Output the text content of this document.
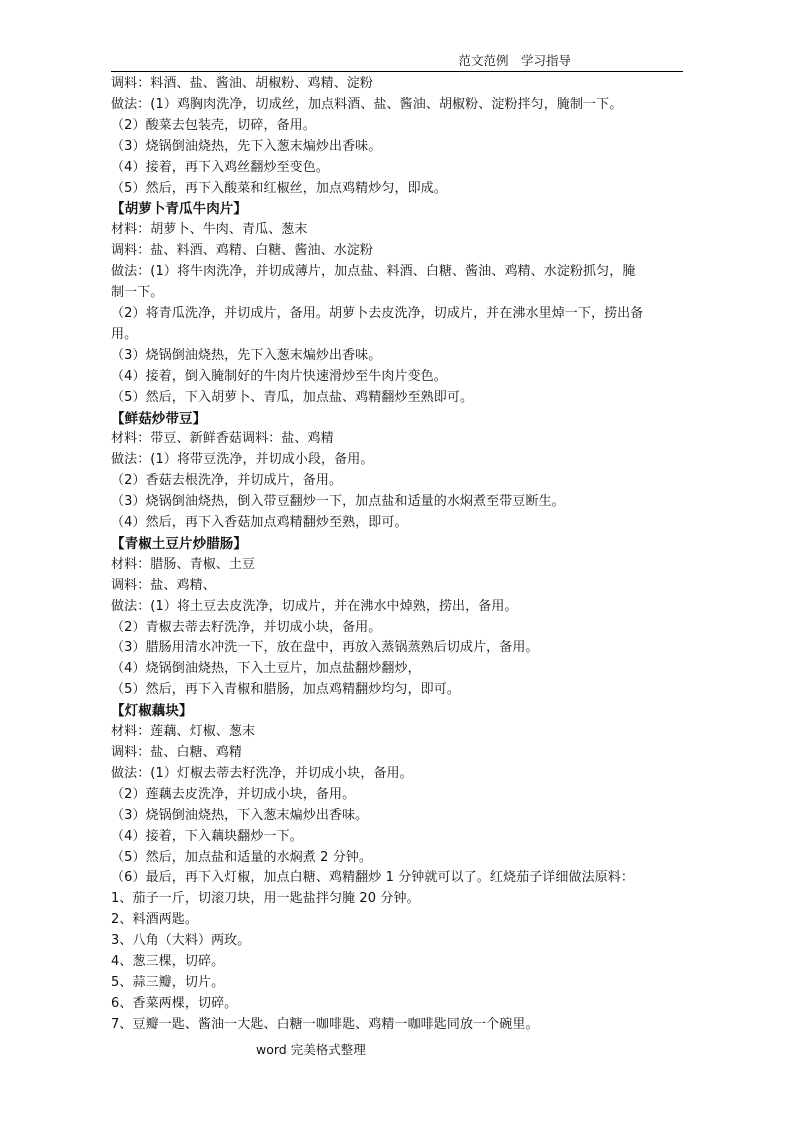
范文范例　学习指导
调料：料酒、盐、酱油、胡椒粉、鸡精、淀粉
做法：(1）鸡胸肉洗净，切成丝，加点料酒、盐、酱油、胡椒粉、淀粉拌匀，腌制一下。
（2）酸菜去包装壳，切碎，备用。
（3）烧锅倒油烧热，先下入葱末煸炒出香味。
（4）接着，再下入鸡丝翻炒至变色。
（5）然后，再下入酸菜和红椒丝，加点鸡精炒匀，即成。
【胡萝卜青瓜牛肉片】
材料：胡萝卜、牛肉、青瓜、葱末
调料：盐、料酒、鸡精、白糖、酱油、水淀粉
做法：(1）将牛肉洗净，并切成薄片，加点盐、料酒、白糖、酱油、鸡精、水淀粉抓匀，腌
制一下。
（2）将青瓜洗净，并切成片，备用。胡萝卜去皮洗净，切成片，并在沸水里焯一下，捞出备
用。
（3）烧锅倒油烧热，先下入葱末煸炒出香味。
（4）接着，倒入腌制好的牛肉片快速滑炒至牛肉片变色。
（5）然后，下入胡萝卜、青瓜，加点盐、鸡精翻炒至熟即可。
【鲜菇炒带豆】
材料：带豆、新鲜香菇调料：盐、鸡精
做法：(1）将带豆洗净，并切成小段，备用。
（2）香菇去根洗净，并切成片，备用。
（3）烧锅倒油烧热，倒入带豆翻炒一下，加点盐和适量的水焖煮至带豆断生。
（4）然后，再下入香菇加点鸡精翻炒至熟，即可。
【青椒土豆片炒腊肠】
材料：腊肠、青椒、土豆
调料：盐、鸡精、
做法：(1）将土豆去皮洗净，切成片，并在沸水中焯熟，捞出，备用。
（2）青椒去蒂去籽洗净，并切成小块，备用。
（3）腊肠用清水冲洗一下，放在盘中，再放入蒸锅蒸熟后切成片，备用。
（4）烧锅倒油烧热，下入土豆片，加点盐翻炒翻炒，
（5）然后，再下入青椒和腊肠，加点鸡精翻炒均匀，即可。
【灯椒藕块】
材料：莲藕、灯椒、葱末
调料：盐、白糖、鸡精
做法：(1）灯椒去蒂去籽洗净，并切成小块，备用。
（2）莲藕去皮洗净，并切成小块，备用。
（3）烧锅倒油烧热，下入葱末煸炒出香味。
（4）接着，下入藕块翻炒一下。
（5）然后，加点盐和适量的水焖煮 2 分钟。
（6）最后，再下入灯椒，加点白糖、鸡精翻炒 1 分钟就可以了。红烧茄子详细做法原料：
1、茄子一斤，切滚刀块，用一匙盐拌匀腌 20 分钟。
2、料酒两匙。
3、八角（大料）两玫。
4、葱三棵，切碎。
5、蒜三瓣，切片。
6、香菜两棵，切碎。
7、豆瓣一匙、酱油一大匙、白糖一咖啡匙、鸡精一咖啡匙同放一个碗里。
word 完美格式整理
